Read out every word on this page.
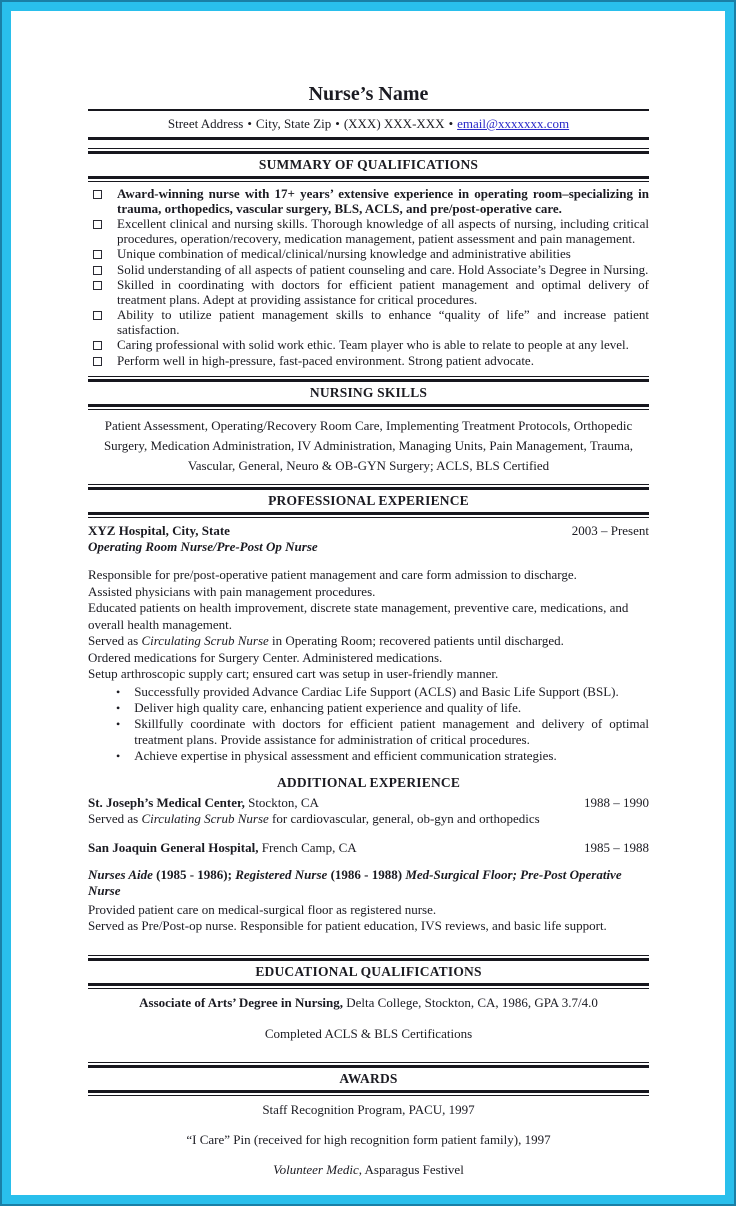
Nurse’s Name

Street Address • City, State Zip • (XXX) XXX-XXX • email@xxxxxxx.com

SUMMARY OF QUALIFICATIONS
Award-winning nurse with 17+ years’ extensive experience in operating room–specializing in trauma, orthopedics, vascular surgery, BLS, ACLS, and pre/post-operative care.
Excellent clinical and nursing skills. Thorough knowledge of all aspects of nursing, including critical procedures, operation/recovery, medication management, patient assessment and pain management.
Unique combination of medical/clinical/nursing knowledge and administrative abilities
Solid understanding of all aspects of patient counseling and care. Hold Associate’s Degree in Nursing.
Skilled in coordinating with doctors for efficient patient management and optimal delivery of treatment plans. Adept at providing assistance for critical procedures.
Ability to utilize patient management skills to enhance “quality of life” and increase patient satisfaction.
Caring professional with solid work ethic. Team player who is able to relate to people at any level.
Perform well in high-pressure, fast-paced environment. Strong patient advocate.
NURSING SKILLS

Patient Assessment, Operating/Recovery Room Care, Implementing Treatment Protocols, Orthopedic Surgery, Medication Administration, IV Administration, Managing Units, Pain Management, Trauma, Vascular, General, Neuro & OB-GYN Surgery; ACLS, BLS Certified

PROFESSIONAL EXPERIENCE
XYZ Hospital, City, State	2003 – Present
Operating Room Nurse/Pre-Post Op Nurse

Responsible for pre/post-operative patient management and care form admission to discharge.

Assisted physicians with pain management procedures.

Educated patients on health improvement, discrete state management, preventive care, medications, and overall health management.

Served as Circulating Scrub Nurse in Operating Room; recovered patients until discharged.

Ordered medications for Surgery Center. Administered medications.

Setup arthroscopic supply cart; ensured cart was setup in user-friendly manner.

• Successfully provided Advance Cardiac Life Support (ACLS) and Basic Life Support (BSL).
• Deliver high quality care, enhancing patient experience and quality of life.
• Skillfully coordinate with doctors for efficient patient management and delivery of optimal treatment plans. Provide assistance for administration of critical procedures.
• Achieve expertise in physical assessment and efficient communication strategies.
ADDITIONAL EXPERIENCE
St. Joseph’s Medical Center, Stockton, CA	1988 – 1990

Served as Circulating Scrub Nurse for cardiovascular, general, ob-gyn and orthopedics

San Joaquin General Hospital, French Camp, CA	1985 – 1988

Nurses Aide (1985 - 1986); Registered Nurse (1986 - 1988) Med-Surgical Floor; Pre-Post Operative Nurse

Provided patient care on medical-surgical floor as registered nurse.

Served as Pre/Post-op nurse. Responsible for patient education, IVS reviews, and basic life support.

EDUCATIONAL QUALIFICATIONS

Associate of Arts’ Degree in Nursing, Delta College, Stockton, CA, 1986, GPA 3.7/4.0

Completed ACLS & BLS Certifications

AWARDS

Staff Recognition Program, PACU, 1997

“I Care” Pin (received for high recognition form patient family), 1997

Volunteer Medic, Asparagus Festivel
